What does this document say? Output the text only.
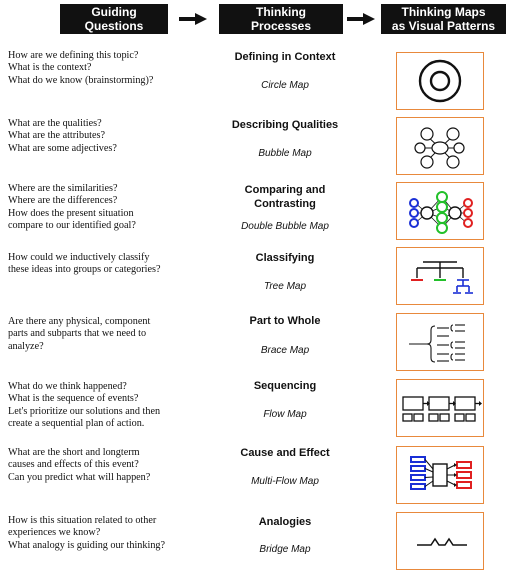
Guiding
Questions
Thinking
Processes
Thinking Maps
as Visual Patterns
How are we defining this topic?
What is the context?
What do we know (brainstorming)?
Defining in Context
Circle Map
What are the qualities?
What are the attributes?
What are some adjectives?
Describing Qualities
Bubble Map
Where are the similarities?
Where are the differences?
How does the present situation
compare to our identified goal?
Comparing and
Contrasting
Double Bubble Map
How could we inductively classify
these ideas into groups or categories?
Classifying
Tree Map
Are there any physical, component
parts and subparts that we need to
analyze?
Part to Whole
Brace Map
What do we think happened?
What is the sequence of events?
Let's prioritize our solutions and then
create a sequential plan of action.
Sequencing
Flow Map
What are the short and longterm
causes and effects of this event?
Can you predict what will happen?
Cause and Effect
Multi-Flow Map
How is this situation related to other
experiences we know?
What analogy is guiding our thinking?
Analogies
Bridge Map
